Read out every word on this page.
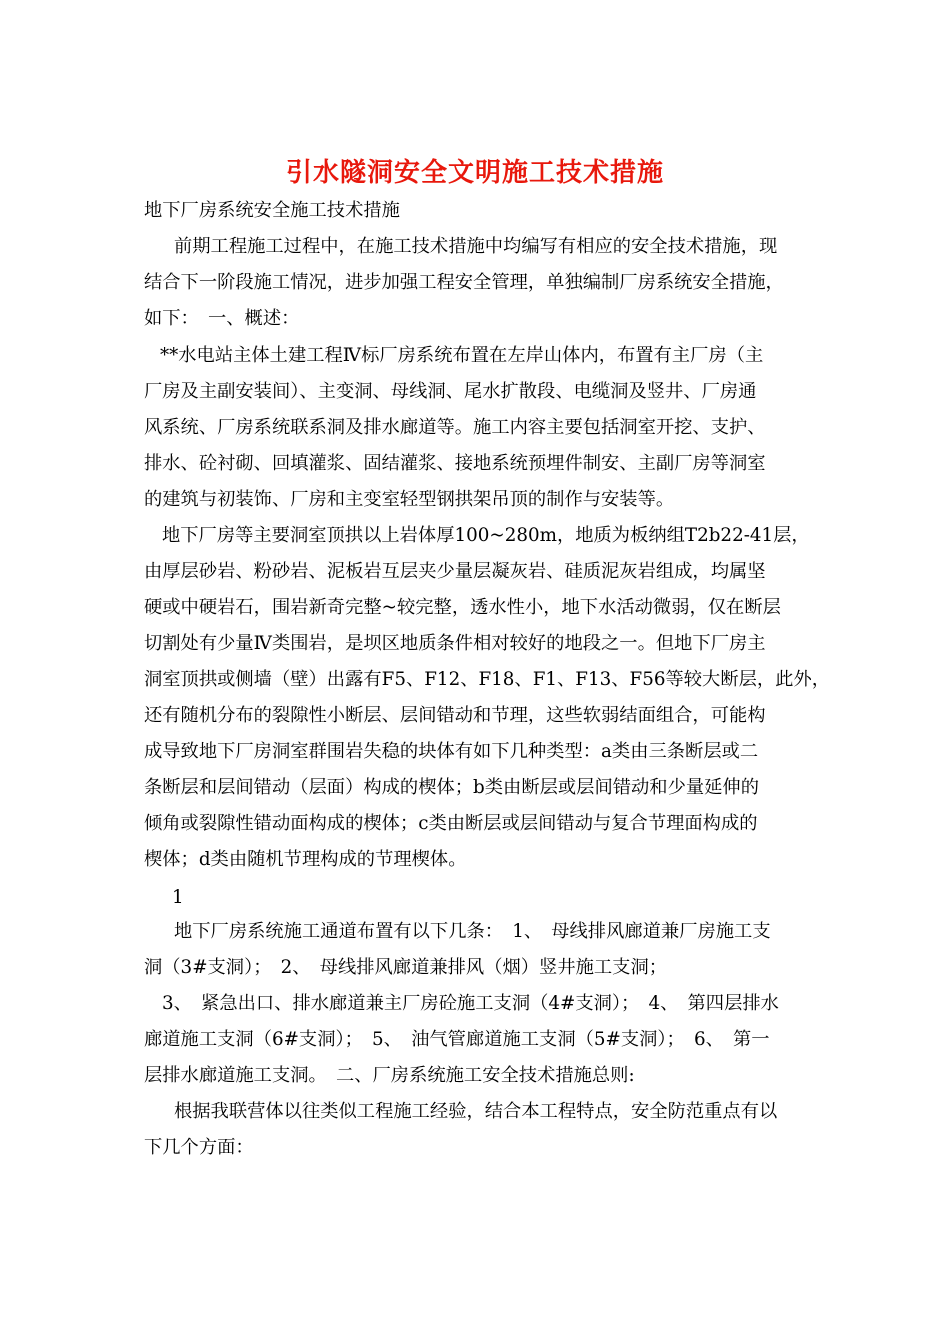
引水隧洞安全文明施工技术措施
地下厂房系统安全施工技术措施
前期工程施工过程中，在施工技术措施中均编写有相应的安全技术措施，现
结合下一阶段施工情况，进步加强工程安全管理，单独编制厂房系统安全措施，
如下：　一、概述：
**水电站主体土建工程Ⅳ标厂房系统布置在左岸山体内，布置有主厂房（主
厂房及主副安装间）、主变洞、母线洞、尾水扩散段、电缆洞及竖井、厂房通
风系统、厂房系统联系洞及排水廊道等。施工内容主要包括洞室开挖、支护、
排水、砼衬砌、回填灌浆、固结灌浆、接地系统预埋件制安、主副厂房等洞室
的建筑与初装饰、厂房和主变室轻型钢拱架吊顶的制作与安装等。
地下厂房等主要洞室顶拱以上岩体厚100~280m，地质为板纳组T2b22-41层，
由厚层砂岩、粉砂岩、泥板岩互层夹少量层凝灰岩、硅质泥灰岩组成，均属坚
硬或中硬岩石，围岩新奇完整~较完整，透水性小，地下水活动微弱，仅在断层
切割处有少量Ⅳ类围岩，是坝区地质条件相对较好的地段之一。但地下厂房主
洞室顶拱或侧墙（壁）出露有F5、F12、F18、F1、F13、F56等较大断层，此外，
还有随机分布的裂隙性小断层、层间错动和节理，这些软弱结面组合，可能构
成导致地下厂房洞室群围岩失稳的块体有如下几种类型：a类由三条断层或二
条断层和层间错动（层面）构成的楔体；b类由断层或层间错动和少量延伸的
倾角或裂隙性错动面构成的楔体；c类由断层或层间错动与复合节理面构成的
楔体；d类由随机节理构成的节理楔体。
1
地下厂房系统施工通道布置有以下几条：　1、　母线排风廊道兼厂房施工支
洞（3#支洞）；　2、　母线排风廊道兼排风（烟）竖井施工支洞；
3、　紧急出口、排水廊道兼主厂房砼施工支洞（4#支洞）；　4、　第四层排水
廊道施工支洞（6#支洞）；　5、　油气管廊道施工支洞（5#支洞）；　6、　第一
层排水廊道施工支洞。　二、厂房系统施工安全技术措施总则:
根据我联营体以往类似工程施工经验，结合本工程特点，安全防范重点有以
下几个方面：
